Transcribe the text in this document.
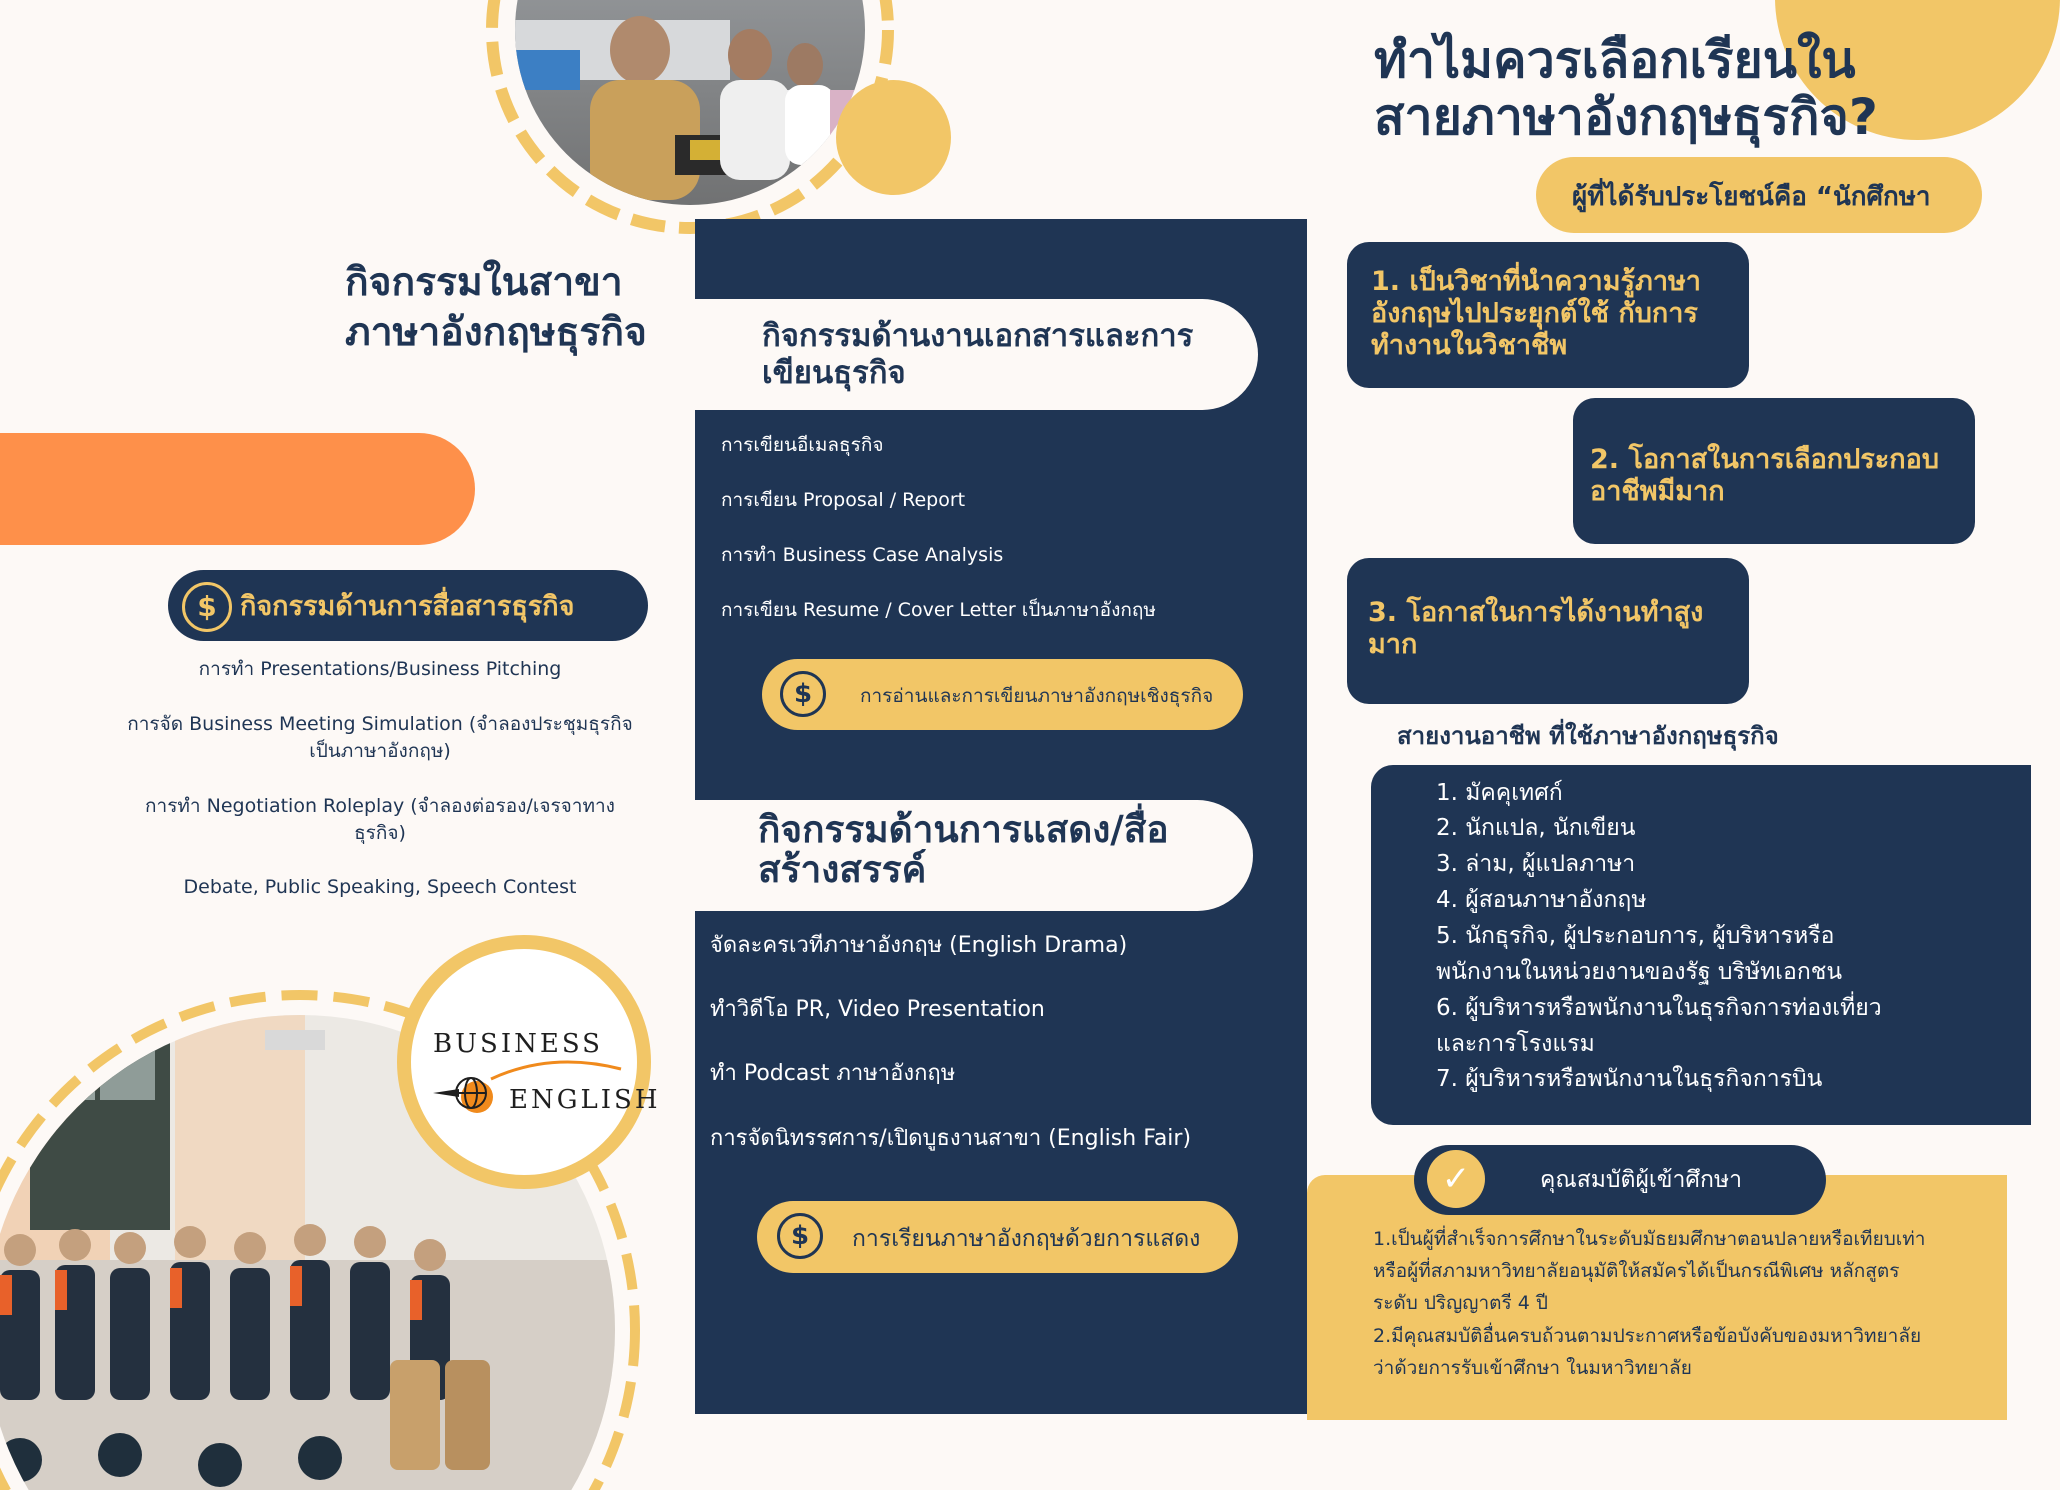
กิจกรรมในสาขาภาษาอังกฤษธุรกิจ
$ กิจกรรมด้านการสื่อสารธุรกิจ
การทำ Presentations/Business Pitching
การจัด Business Meeting Simulation (จำลองประชุมธุรกิจเป็นภาษาอังกฤษ)
การทำ Negotiation Roleplay (จำลองต่อรอง/เจรจาทางธุรกิจ)
Debate, Public Speaking, Speech Contest
BUSINESS
ENGLISH
กิจกรรมด้านงานเอกสารและการเขียนธุรกิจ
การเขียนอีเมลธุรกิจ
การเขียน Proposal / Report
การทำ Business Case Analysis
การเขียน Resume / Cover Letter เป็นภาษาอังกฤษ
$	การอ่านและการเขียนภาษาอังกฤษเชิงธุรกิจ
กิจกรรมด้านการแสดง/สื่อสร้างสรรค์
จัดละครเวทีภาษาอังกฤษ (English Drama)
ทำวิดีโอ PR, Video Presentation
ทำ Podcast ภาษาอังกฤษ
การจัดนิทรรศการ/เปิดบูธงานสาขา (English Fair)
$	การเรียนภาษาอังกฤษด้วยการแสดง
ทำไมควรเลือกเรียนในสายภาษาอังกฤษธุรกิจ?
ผู้ที่ได้รับประโยชน์คือ “นักศึกษา
1. เป็นวิชาที่นำความรู้ภาษาอังกฤษไปประยุกต์ใช้ กับการทำงานในวิชาชีพ
2. โอกาสในการเลือกประกอบอาชีพมีมาก
3. โอกาสในการได้งานทำสูงมาก
สายงานอาชีพ ที่ใช้ภาษาอังกฤษธุรกิจ
1. มัคคุเทศก์
2. นักแปล, นักเขียน
3. ล่าม, ผู้แปลภาษา
4. ผู้สอนภาษาอังกฤษ
5. นักธุรกิจ, ผู้ประกอบการ, ผู้บริหารหรือพนักงานในหน่วยงานของรัฐ บริษัทเอกชน
6. ผู้บริหารหรือพนักงานในธุรกิจการท่องเที่ยว และการโรงแรม
7. ผู้บริหารหรือพนักงานในธุรกิจการบิน
✓	คุณสมบัติผู้เข้าศึกษา
1.เป็นผู้ที่สำเร็จการศึกษาในระดับมัธยมศึกษาตอนปลายหรือเทียบเท่าหรือผู้ที่สภามหาวิทยาลัยอนุมัติให้สมัครได้เป็นกรณีพิเศษ หลักสูตรระดับ ปริญญาตรี 4 ปี
2.มีคุณสมบัติอื่นครบถ้วนตามประกาศหรือข้อบังคับของมหาวิทยาลัยว่าด้วยการรับเข้าศึกษา ในมหาวิทยาลัย
